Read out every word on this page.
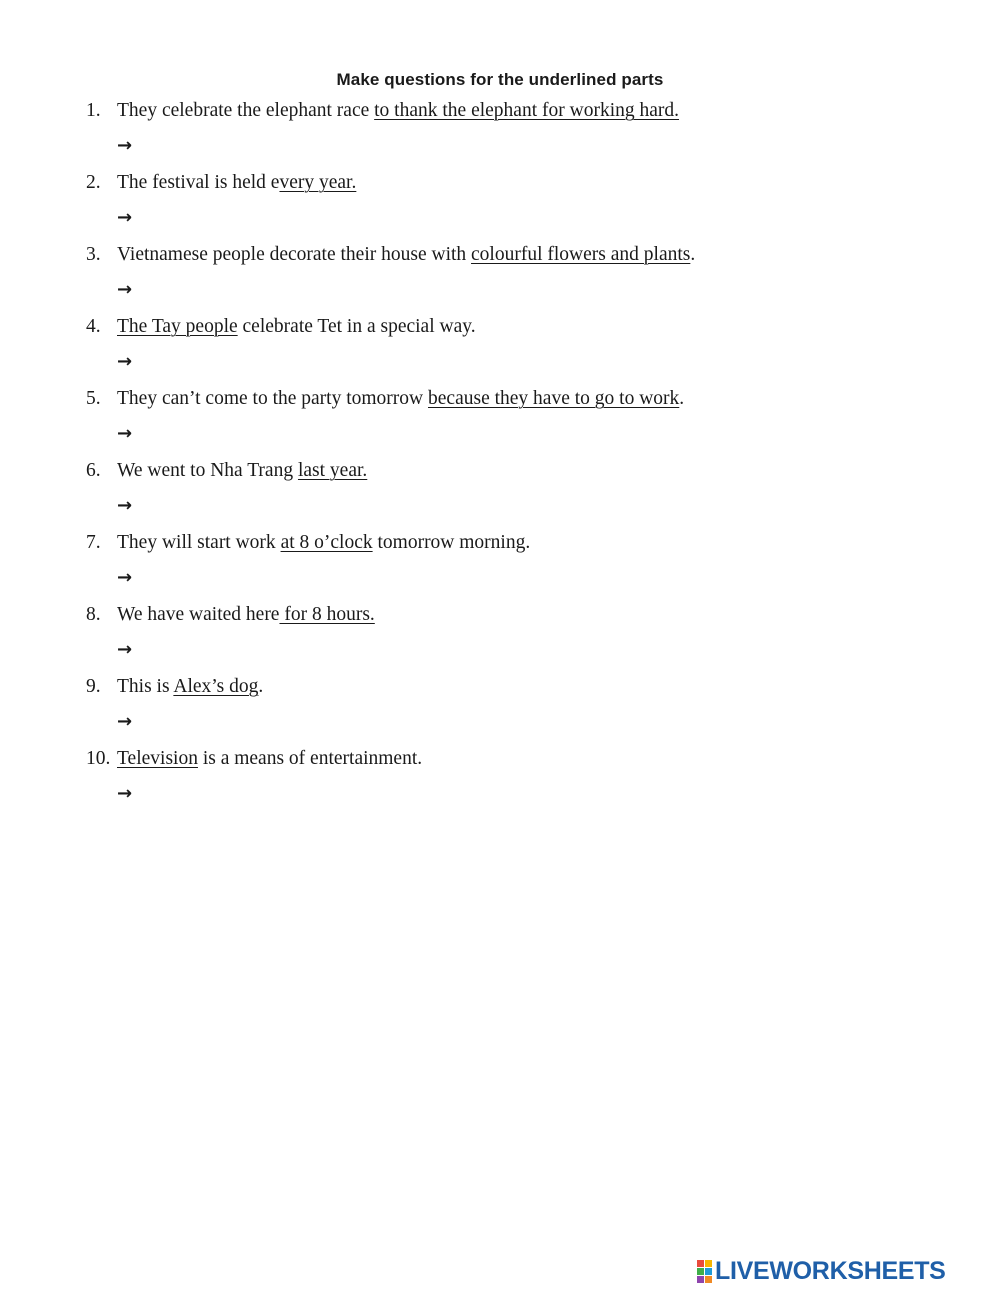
Make questions for the underlined parts
1. They celebrate the elephant race to thank the elephant for working hard.
→
2. The festival is held every year.
→
3. Vietnamese people decorate their house with colourful flowers and plants.
→
4. The Tay people celebrate Tet in a special way.
→
5. They can’t come to the party tomorrow because they have to go to work.
→
6. We went to Nha Trang last year.
→
7. They will start work at 8 o’clock tomorrow morning.
→
8. We have waited here for 8 hours.
→
9. This is Alex’s dog.
→
10. Television is a means of entertainment.
→
LIVEWORKSHEETS
